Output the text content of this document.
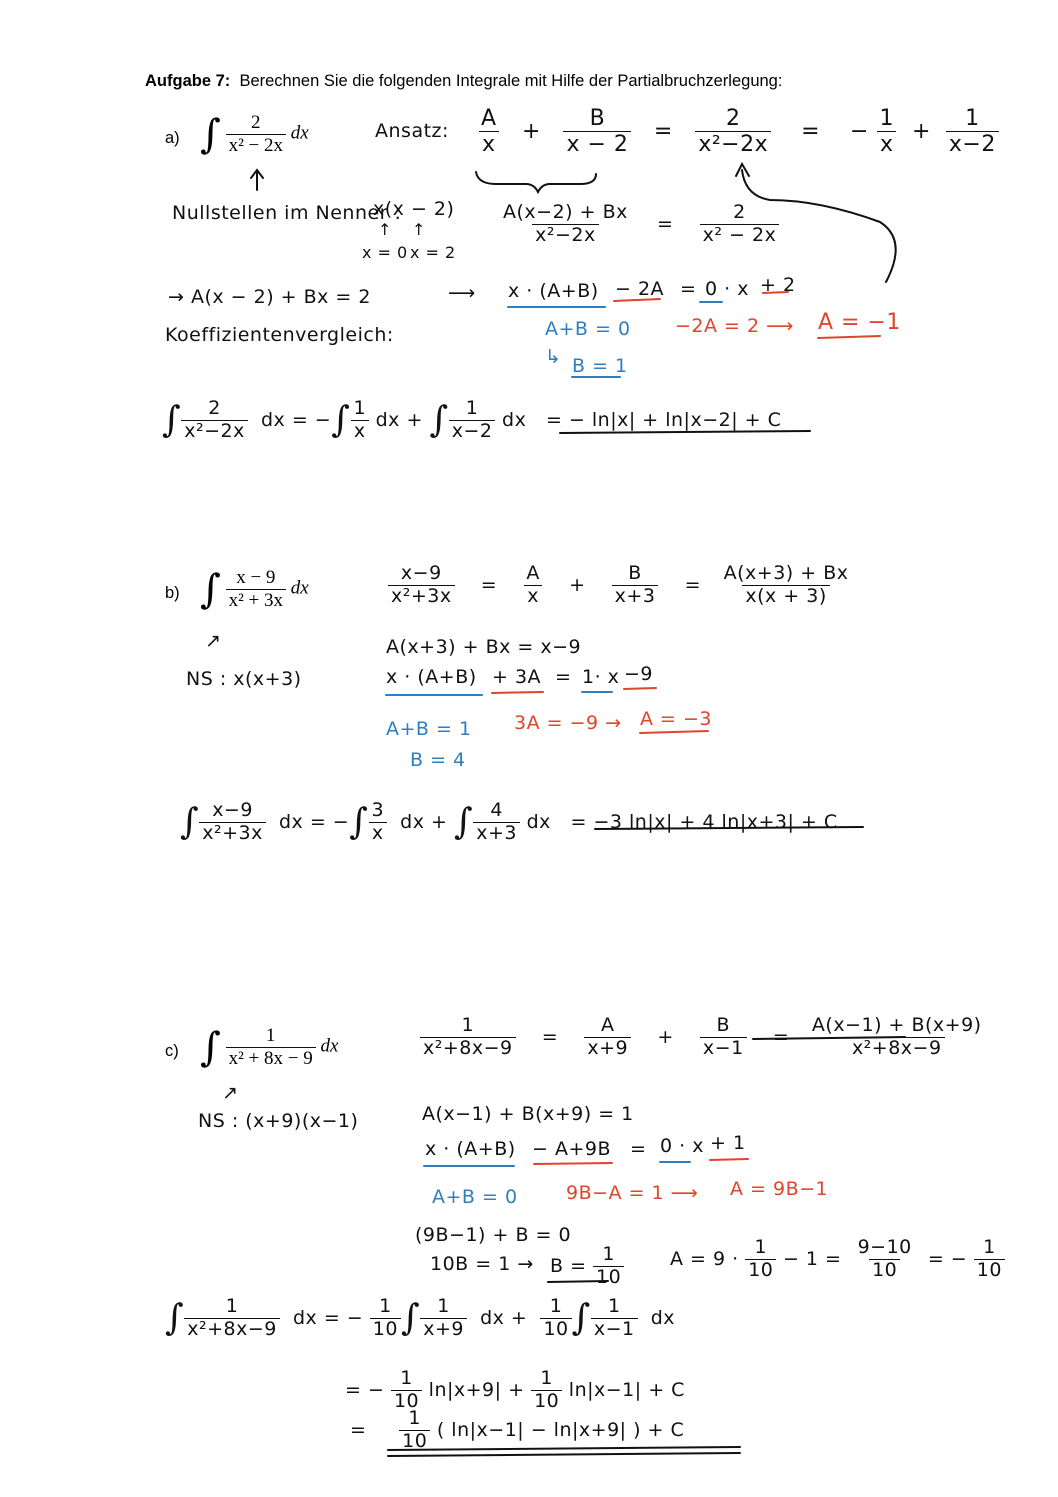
Aufgabe 7: Berechnen Sie die folgenden Integrale mit Hilfe der Partialbruchzerlegung:
a) ∫ $\frac{2}{\text{x² − 2x}}$ dx	Ansatz: $\frac{A}{x} + \frac{B}{x - 2} = \frac{2}{\text{x²−2x}}$ = − $\frac{1}{x} + \frac{1}{x-2}$
Nullstellen im Nenner :
x(x − 2)
↑ ↑
x = 0 x = 2
$\frac{A(x-2) + Bx}{\text{x²−2x}} = \frac{2}{\text{x² − 2x}}$
→ A(x − 2) + Bx = 2	⟶ x · (A+B) − 2A = 0 · x + 2
Koeffizientenvergleich:	A+B = 0 −2A = 2 ⟶ A = −1
↳ B = 1
∫ $\frac{2}{\text{x²−2x}}$ dx = −∫ $\frac{1}{x}$ dx + ∫ $\frac{1}{x-2}$ dx = − ln|x| + ln|x−2| + C
b) ∫ $\frac{x - 9}{\text{x² + 3x}}$ dx	$\frac{x-9}{\text{x²+3x}} = \frac{A}{x} + \frac{B}{x+3} = \frac{A(x+3) + Bx}{x(x + 3)}$
↗
NS : x(x+3)
A(x+3) + Bx = x−9
x · (A+B) + 3A = 1· x −9
A+B = 1 3A = −9 → A = −3
B = 4
∫ $\frac{x-9}{\text{x²+3x}}$ dx = −∫ $\frac{3}{x}$ dx + ∫ $\frac{4}{x+3}$ dx = −3 ln|x| + 4 ln|x+3| + C
c) ∫ $\frac{1}{\text{x² + 8x − 9}}$ dx	$\frac{1}{\text{x²+8x−9}} = \frac{A}{x+9} + \frac{B}{x-1} = \frac{A(x-1) + B(x+9)}{\text{x²+8x−9}}$
↗
NS : (x+9)(x−1)	A(x−1) + B(x+9) = 1
x · (A+B) − A+9B = 0 · x + 1
A+B = 0	9B−A = 1 ⟶ A = 9B−1
(9B−1) + B = 0
$10B = 1 \to B = \frac{1}{10}$ $A = 9 \cdot \frac{1}{10} - 1 = \frac{9-10}{10}$ = − $\frac{1}{10}$
∫ $\frac{1}{\text{x²+8x−9}}$ dx = − $\frac{1}{10}$ ∫ $\frac{1}{x+9}$ dx + $\frac{1}{10}$ ∫ $\frac{1}{x-1}$ dx
= − $\frac{1}{10} \ln|x+9| + \frac{1}{10} \ln|x-1| + C$
= $\frac{1}{10}$ ( ln|x−1| − ln|x+9| ) + C
